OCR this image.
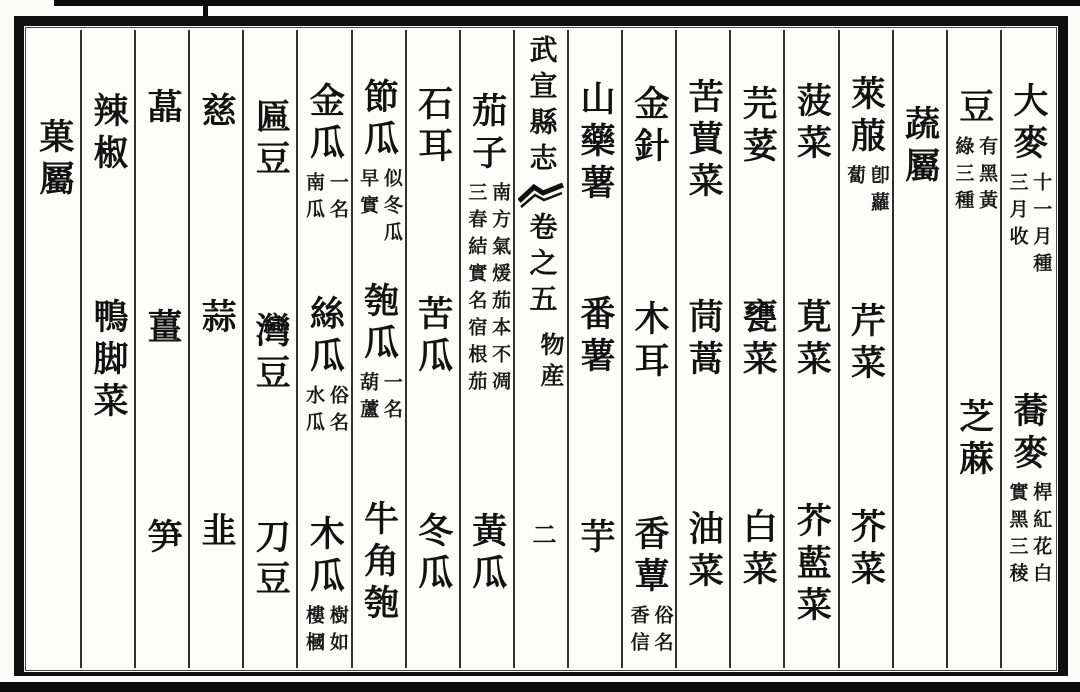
大麥
十一月種
三月收
蕎麥
桿紅花白
實黑三稜
豆
有黑黃
綠三種
芝蔴
蔬屬
萊菔
卽蘿
蔔
芹菜
芥菜
菠菜
莧菜
芥藍菜
芫荽
甕菜
白菜
苦蕒菜
茼蒿
油菜
金針
木耳
香蕈
俗名
香信
山藥薯
番薯
芋
武宣縣志
卷之五
物産
二
茄子
南方氣煖茄本不凋
三春結實名宿根茄
黃瓜
石耳
苦瓜
冬瓜
節瓜
似冬瓜
早實
匏瓜
一名
葫蘆
牛角匏
金瓜
一名
南瓜
絲瓜
俗名
水瓜
木瓜
樹如
樓槶
匾豆
灣豆
刀豆
慈
蒜
韭
蕌
薑
笋
辣椒
鴨脚菜
菓屬
